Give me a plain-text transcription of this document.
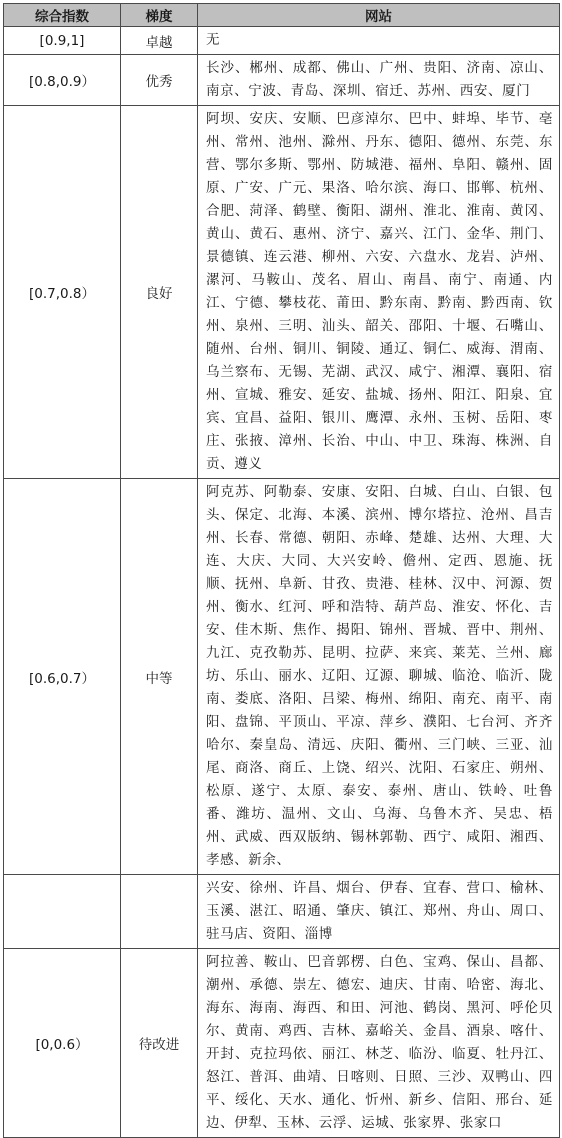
综合指数	梯度	网站
[0.9,1]	卓越	无
[0.8,0.9）	优秀	长沙、郴州、成都、佛山、广州、贵阳、济南、凉山、南京、宁波、青岛、深圳、宿迁、苏州、西安、厦门
[0.7,0.8）	良好	阿坝、安庆、安顺、巴彦淖尔、巴中、蚌埠、毕节、亳州、常州、池州、滁州、丹东、德阳、德州、东莞、东营、鄂尔多斯、鄂州、防城港、福州、阜阳、赣州、固原、广安、广元、果洛、哈尔滨、海口、邯郸、杭州、合肥、菏泽、鹤壁、衡阳、湖州、淮北、淮南、黄冈、黄山、黄石、惠州、济宁、嘉兴、江门、金华、荆门、景德镇、连云港、柳州、六安、六盘水、龙岩、泸州、漯河、马鞍山、茂名、眉山、南昌、南宁、南通、内江、宁德、攀枝花、莆田、黔东南、黔南、黔西南、钦州、泉州、三明、汕头、韶关、邵阳、十堰、石嘴山、随州、台州、铜川、铜陵、通辽、铜仁、威海、渭南、乌兰察布、无锡、芜湖、武汉、咸宁、湘潭、襄阳、宿州、宣城、雅安、延安、盐城、扬州、阳江、阳泉、宜宾、宜昌、益阳、银川、鹰潭、永州、玉树、岳阳、枣庄、张掖、漳州、长治、中山、中卫、珠海、株洲、自贡、遵义
[0.6,0.7）	中等	阿克苏、阿勒泰、安康、安阳、白城、白山、白银、包头、保定、北海、本溪、滨州、博尔塔拉、沧州、昌吉州、长春、常德、朝阳、赤峰、楚雄、达州、大理、大连、大庆、大同、大兴安岭、儋州、定西、恩施、抚顺、抚州、阜新、甘孜、贵港、桂林、汉中、河源、贺州、衡水、红河、呼和浩特、葫芦岛、淮安、怀化、吉安、佳木斯、焦作、揭阳、锦州、晋城、晋中、荆州、九江、克孜勒苏、昆明、拉萨、来宾、莱芜、兰州、廊坊、乐山、丽水、辽阳、辽源、聊城、临沧、临沂、陇南、娄底、洛阳、吕梁、梅州、绵阳、南充、南平、南阳、盘锦、平顶山、平凉、萍乡、濮阳、七台河、齐齐哈尔、秦皇岛、清远、庆阳、衢州、三门峡、三亚、汕尾、商洛、商丘、上饶、绍兴、沈阳、石家庄、朔州、松原、遂宁、太原、泰安、泰州、唐山、铁岭、吐鲁番、潍坊、温州、文山、乌海、乌鲁木齐、吴忠、梧州、武威、西双版纳、锡林郭勒、西宁、咸阳、湘西、孝感、新余、
		兴安、徐州、许昌、烟台、伊春、宜春、营口、榆林、玉溪、湛江、昭通、肇庆、镇江、郑州、舟山、周口、驻马店、资阳、淄博
[0,0.6）	待改进	阿拉善、鞍山、巴音郭楞、白色、宝鸡、保山、昌都、潮州、承德、崇左、德宏、迪庆、甘南、哈密、海北、海东、海南、海西、和田、河池、鹤岗、黑河、呼伦贝尔、黄南、鸡西、吉林、嘉峪关、金昌、酒泉、喀什、开封、克拉玛依、丽江、林芝、临汾、临夏、牡丹江、怒江、普洱、曲靖、日喀则、日照、三沙、双鸭山、四平、绥化、天水、通化、忻州、新乡、信阳、邢台、延边、伊犁、玉林、云浮、运城、张家界、张家口
